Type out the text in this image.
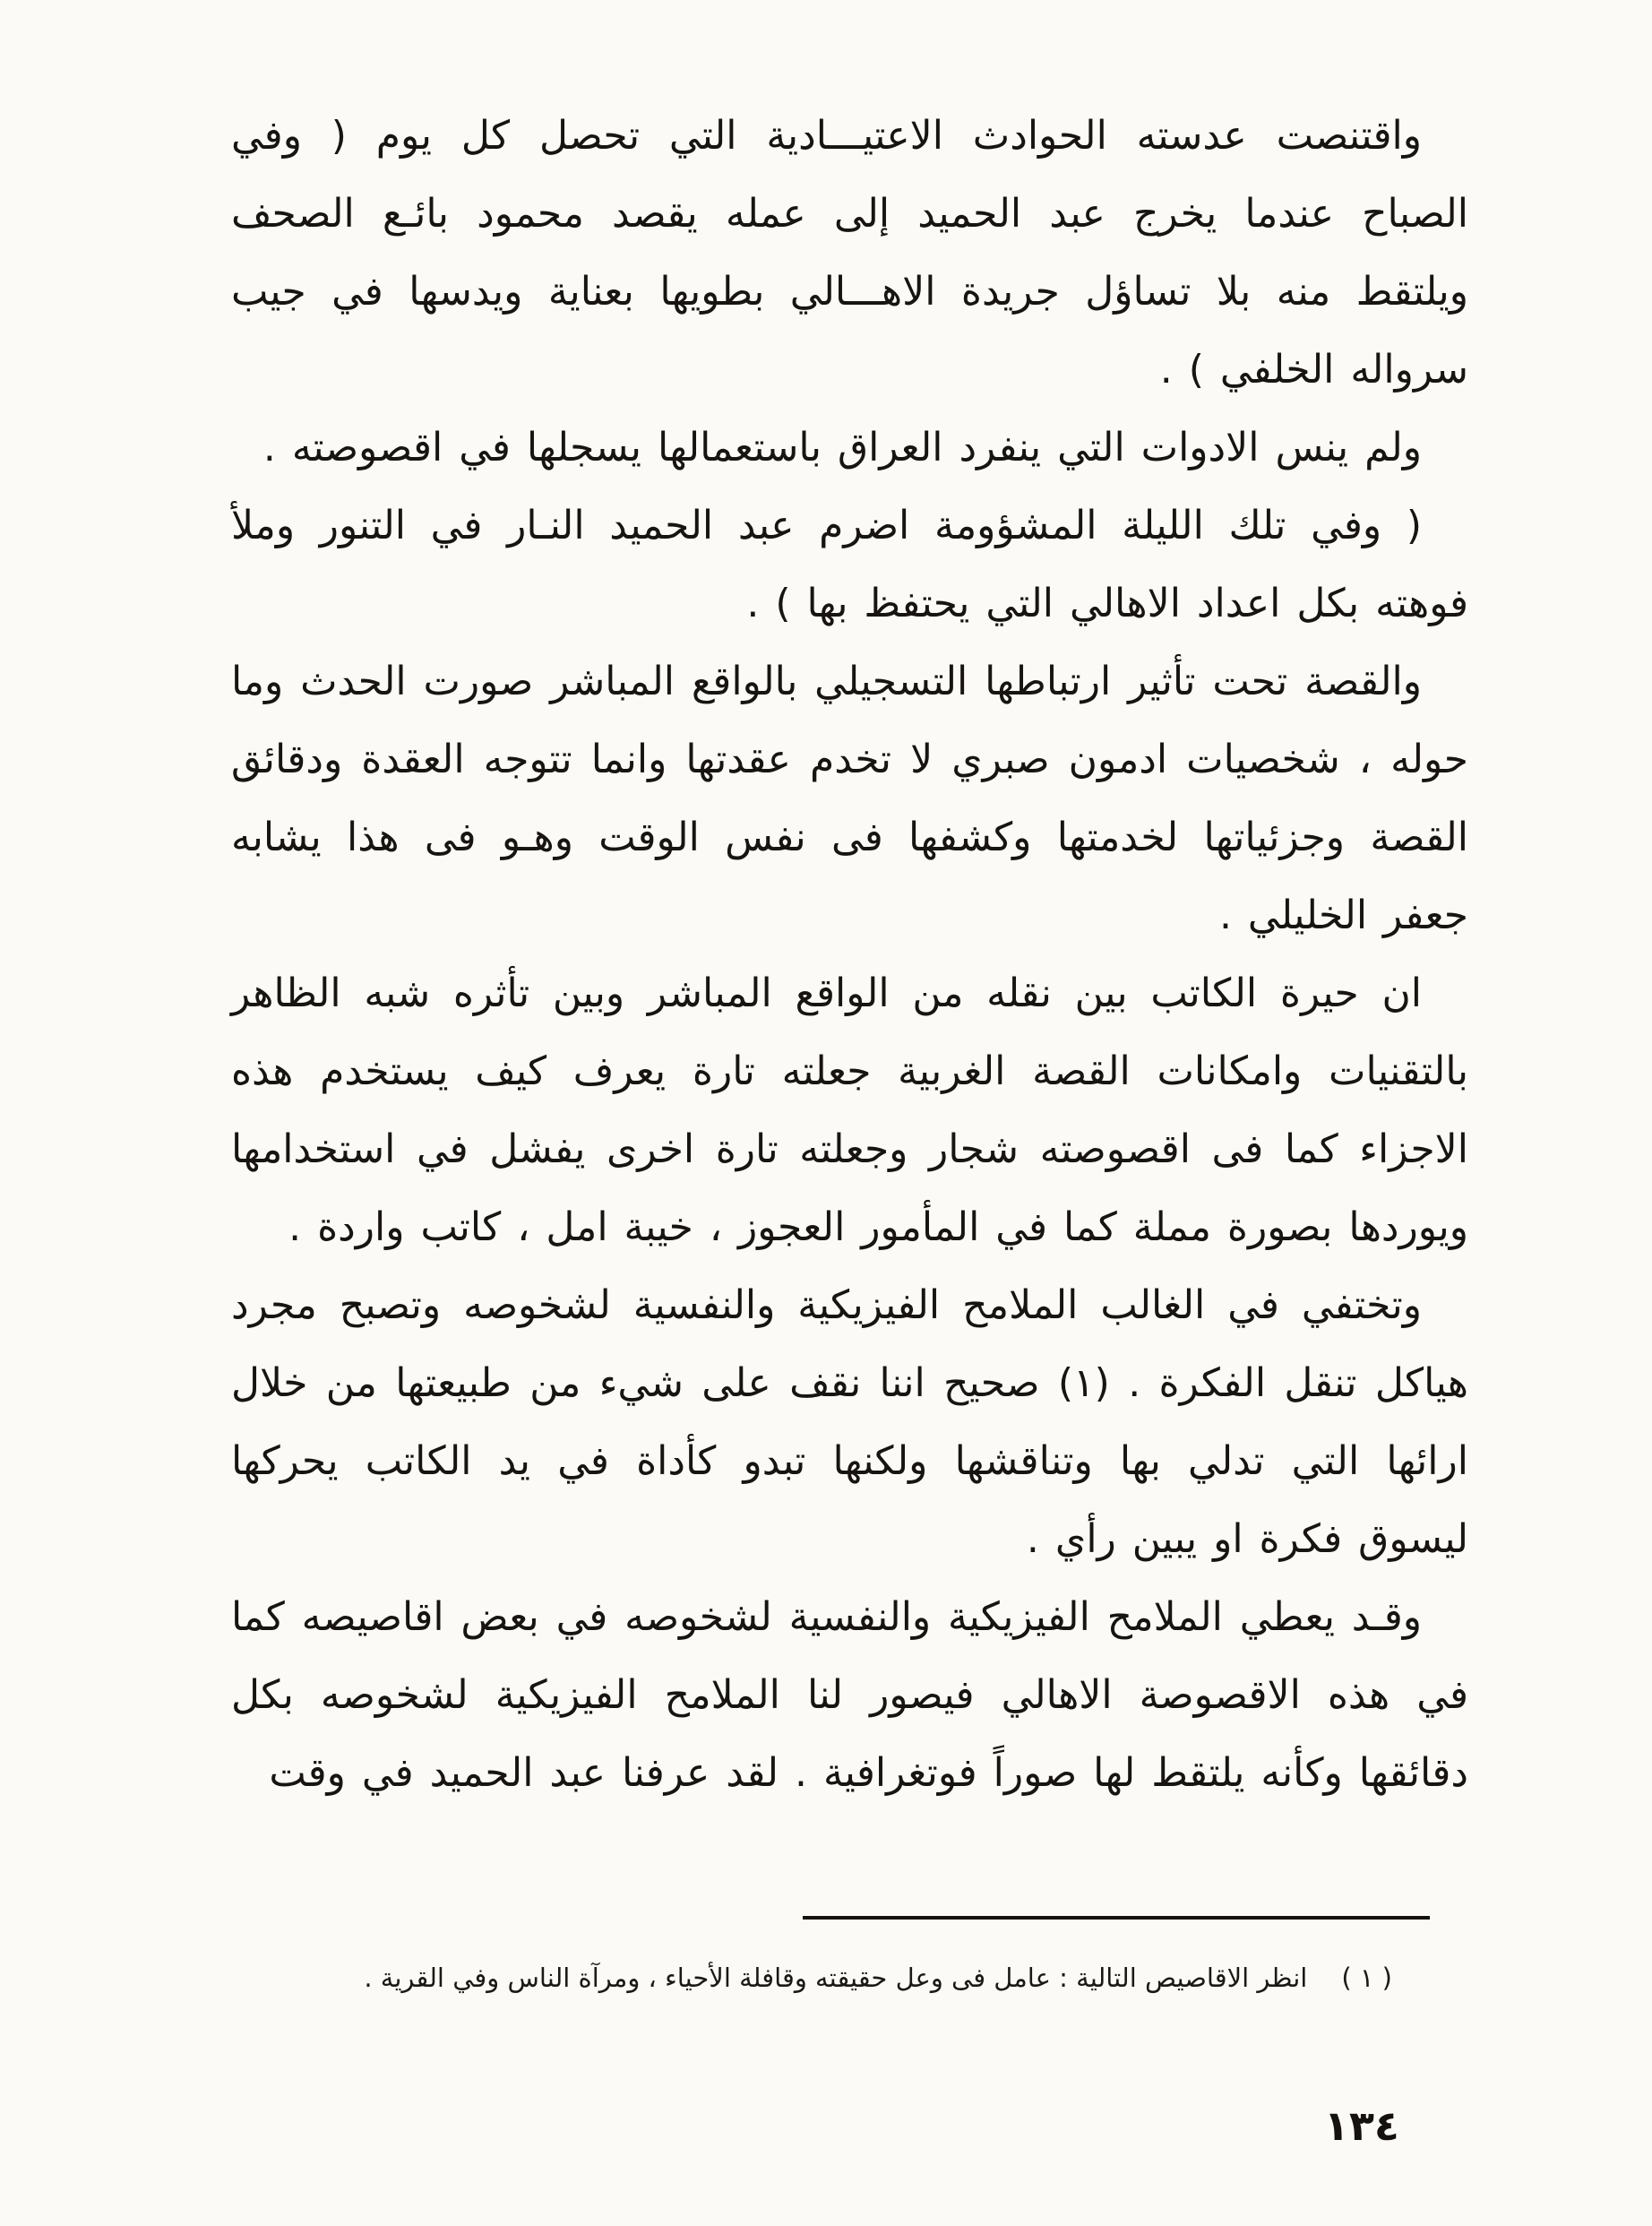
واقتنصت عدسته الحوادث الاعتيـــادية التي تحصل كل يوم ( وفي الصباح عندما يخرج عبد الحميد إلى عمله يقصد محمود بائـع الصحف ويلتقط منه بلا تساؤل جريدة الاهـــالي بطويها بعناية ويدسها في جيب سرواله الخلفي ) .

ولم ينس الادوات التي ينفرد العراق باستعمالها يسجلها في اقصوصته .

( وفي تلك الليلة المشؤومة اضرم عبد الحميد النـار في التنور وملأ فوهته بكل اعداد الاهالي التي يحتفظ بها ) .

والقصة تحت تأثير ارتباطها التسجيلي بالواقع المباشر صورت الحدث وما حوله ، شخصيات ادمون صبري لا تخدم عقدتها وانما تتوجه العقدة ودقائق القصة وجزئياتها لخدمتها وكشفها فى نفس الوقت وهـو فى هذا يشابه جعفر الخليلي .

ان حيرة الكاتب بين نقله من الواقع المباشر وبين تأثره شبه الظاهر بالتقنيات وامكانات القصة الغربية جعلته تارة يعرف كيف يستخدم هذه الاجزاء كما فى اقصوصته شجار وجعلته تارة اخرى يفشل في استخدامها ويوردها بصورة مملة كما في المأمور العجوز ، خيبة امل ، كاتب واردة .

وتختفي في الغالب الملامح الفيزيكية والنفسية لشخوصه وتصبح مجرد هياكل تنقل الفكرة . (١) صحيح اننا نقف على شيء من طبيعتها من خلال ارائها التي تدلي بها وتناقشها ولكنها تبدو كأداة في يد الكاتب يحركها ليسوق فكرة او يبين رأي .

وقـد يعطي الملامح الفيزيكية والنفسية لشخوصه في بعض اقاصيصه كما في هذه الاقصوصة الاهالي فيصور لنا الملامح الفيزيكية لشخوصه بكل دقائقها وكأنه يلتقط لها صوراً فوتغرافية . لقد عرفنا عبد الحميد في وقت

( ١ )
انظر الاقاصيص التالية : عامل فى وعل حقيقته وقافلة الأحياء ، ومرآة الناس وفي القرية .
١٣٤
